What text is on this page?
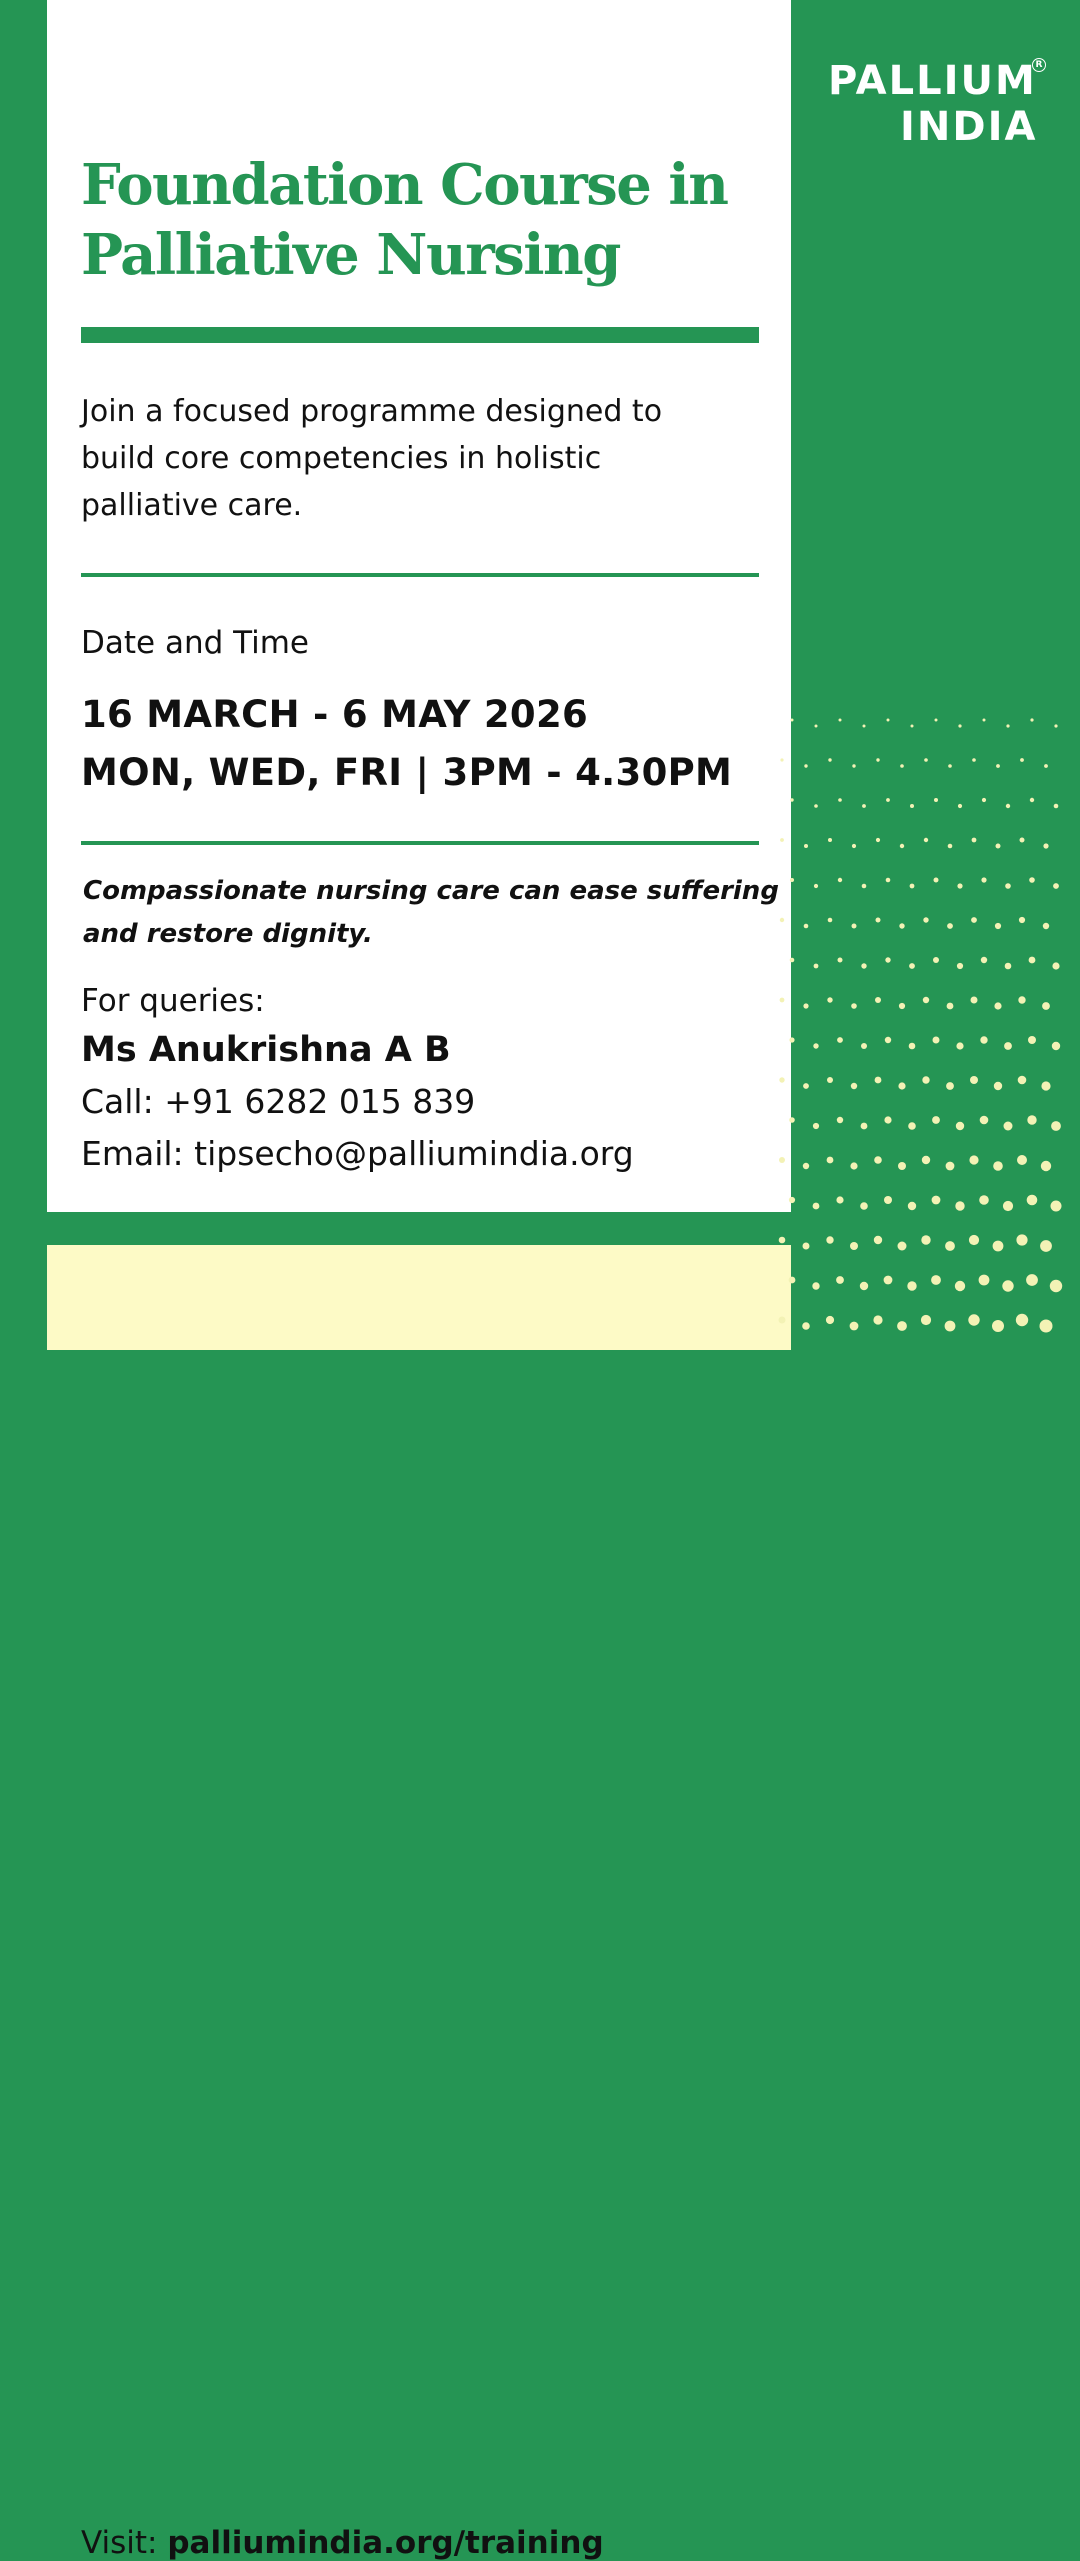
Foundation Course in
Palliative Nursing

Join a focused programme designed to
build core competencies in holistic
palliative care.

Date and Time
16 MARCH - 6 MAY 2026
MON, WED, FRI | 3PM - 4.30PM

Compassionate nursing care can ease suffering
and restore dignity.

For queries:
Ms Anukrishna A B
Call: +91 6282 015 839
Email: tipsecho@palliumindia.org
Visit: palliumindia.org/training
PALLIUM
INDIA
R
